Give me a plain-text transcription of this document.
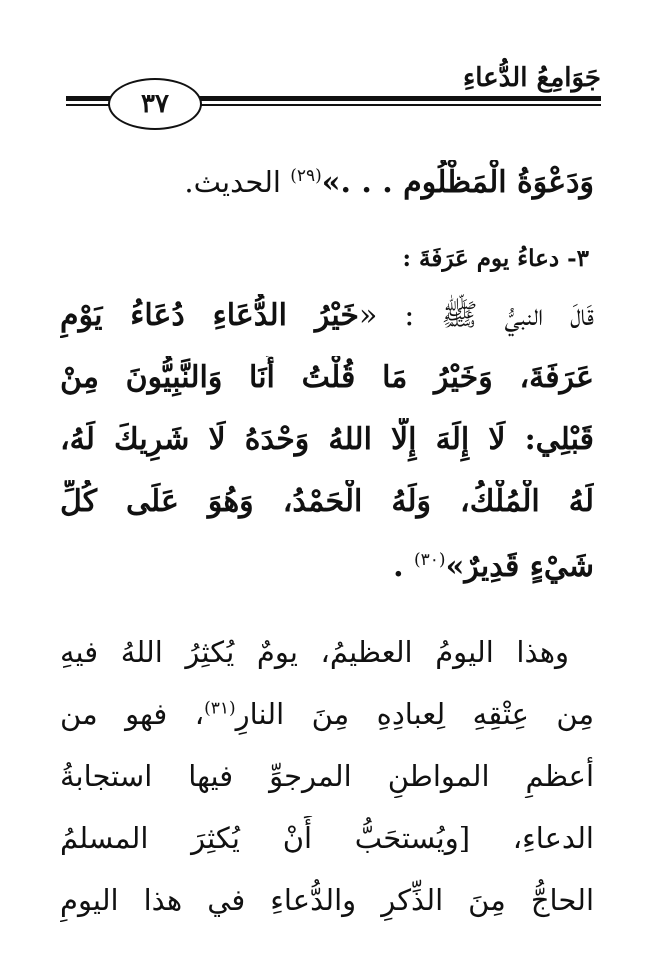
جَوَامِعُ الدُّعاءِ
٣٧
وَدَعْوَةُ الْمَظْلُوم . . .»$^{(٢٩)}$ الحديث.
٣- دعاءُ يوم عَرَفَةَ :
قَالَ النبيُّ ﷺ : «خَيْرُ الدُّعَاءِ دُعَاءُ يَوْمِ
عَرَفَةَ، وَخَيْرُ مَا قُلْتُ أَنَا وَالنَّبِيُّونَ مِنْ
قَبْلِي: لَا إِلَهَ إِلَّا اللهُ وَحْدَهُ لَا شَرِيكَ لَهُ،
لَهُ الْمُلْكُ، وَلَهُ الْحَمْدُ، وَهُوَ عَلَى كُلِّ
شَيْءٍ قَدِيرٌ»$^{(٣٠)}$ .
وهذا اليومُ العظيمُ، يومٌ يُكثِرُ اللهُ فيهِ
مِن عِتْقِهِ لِعبادِهِ مِنَ النارِ$^{(٣١)}$، فهو من
أعظمِ المواطنِ المرجوِّ فيها استجابةُ
الدعاءِ، [ويُستحَبُّ أَنْ يُكثِرَ المسلمُ
الحاجُّ مِنَ الذِّكرِ والدُّعاءِ في هذا اليومِ
